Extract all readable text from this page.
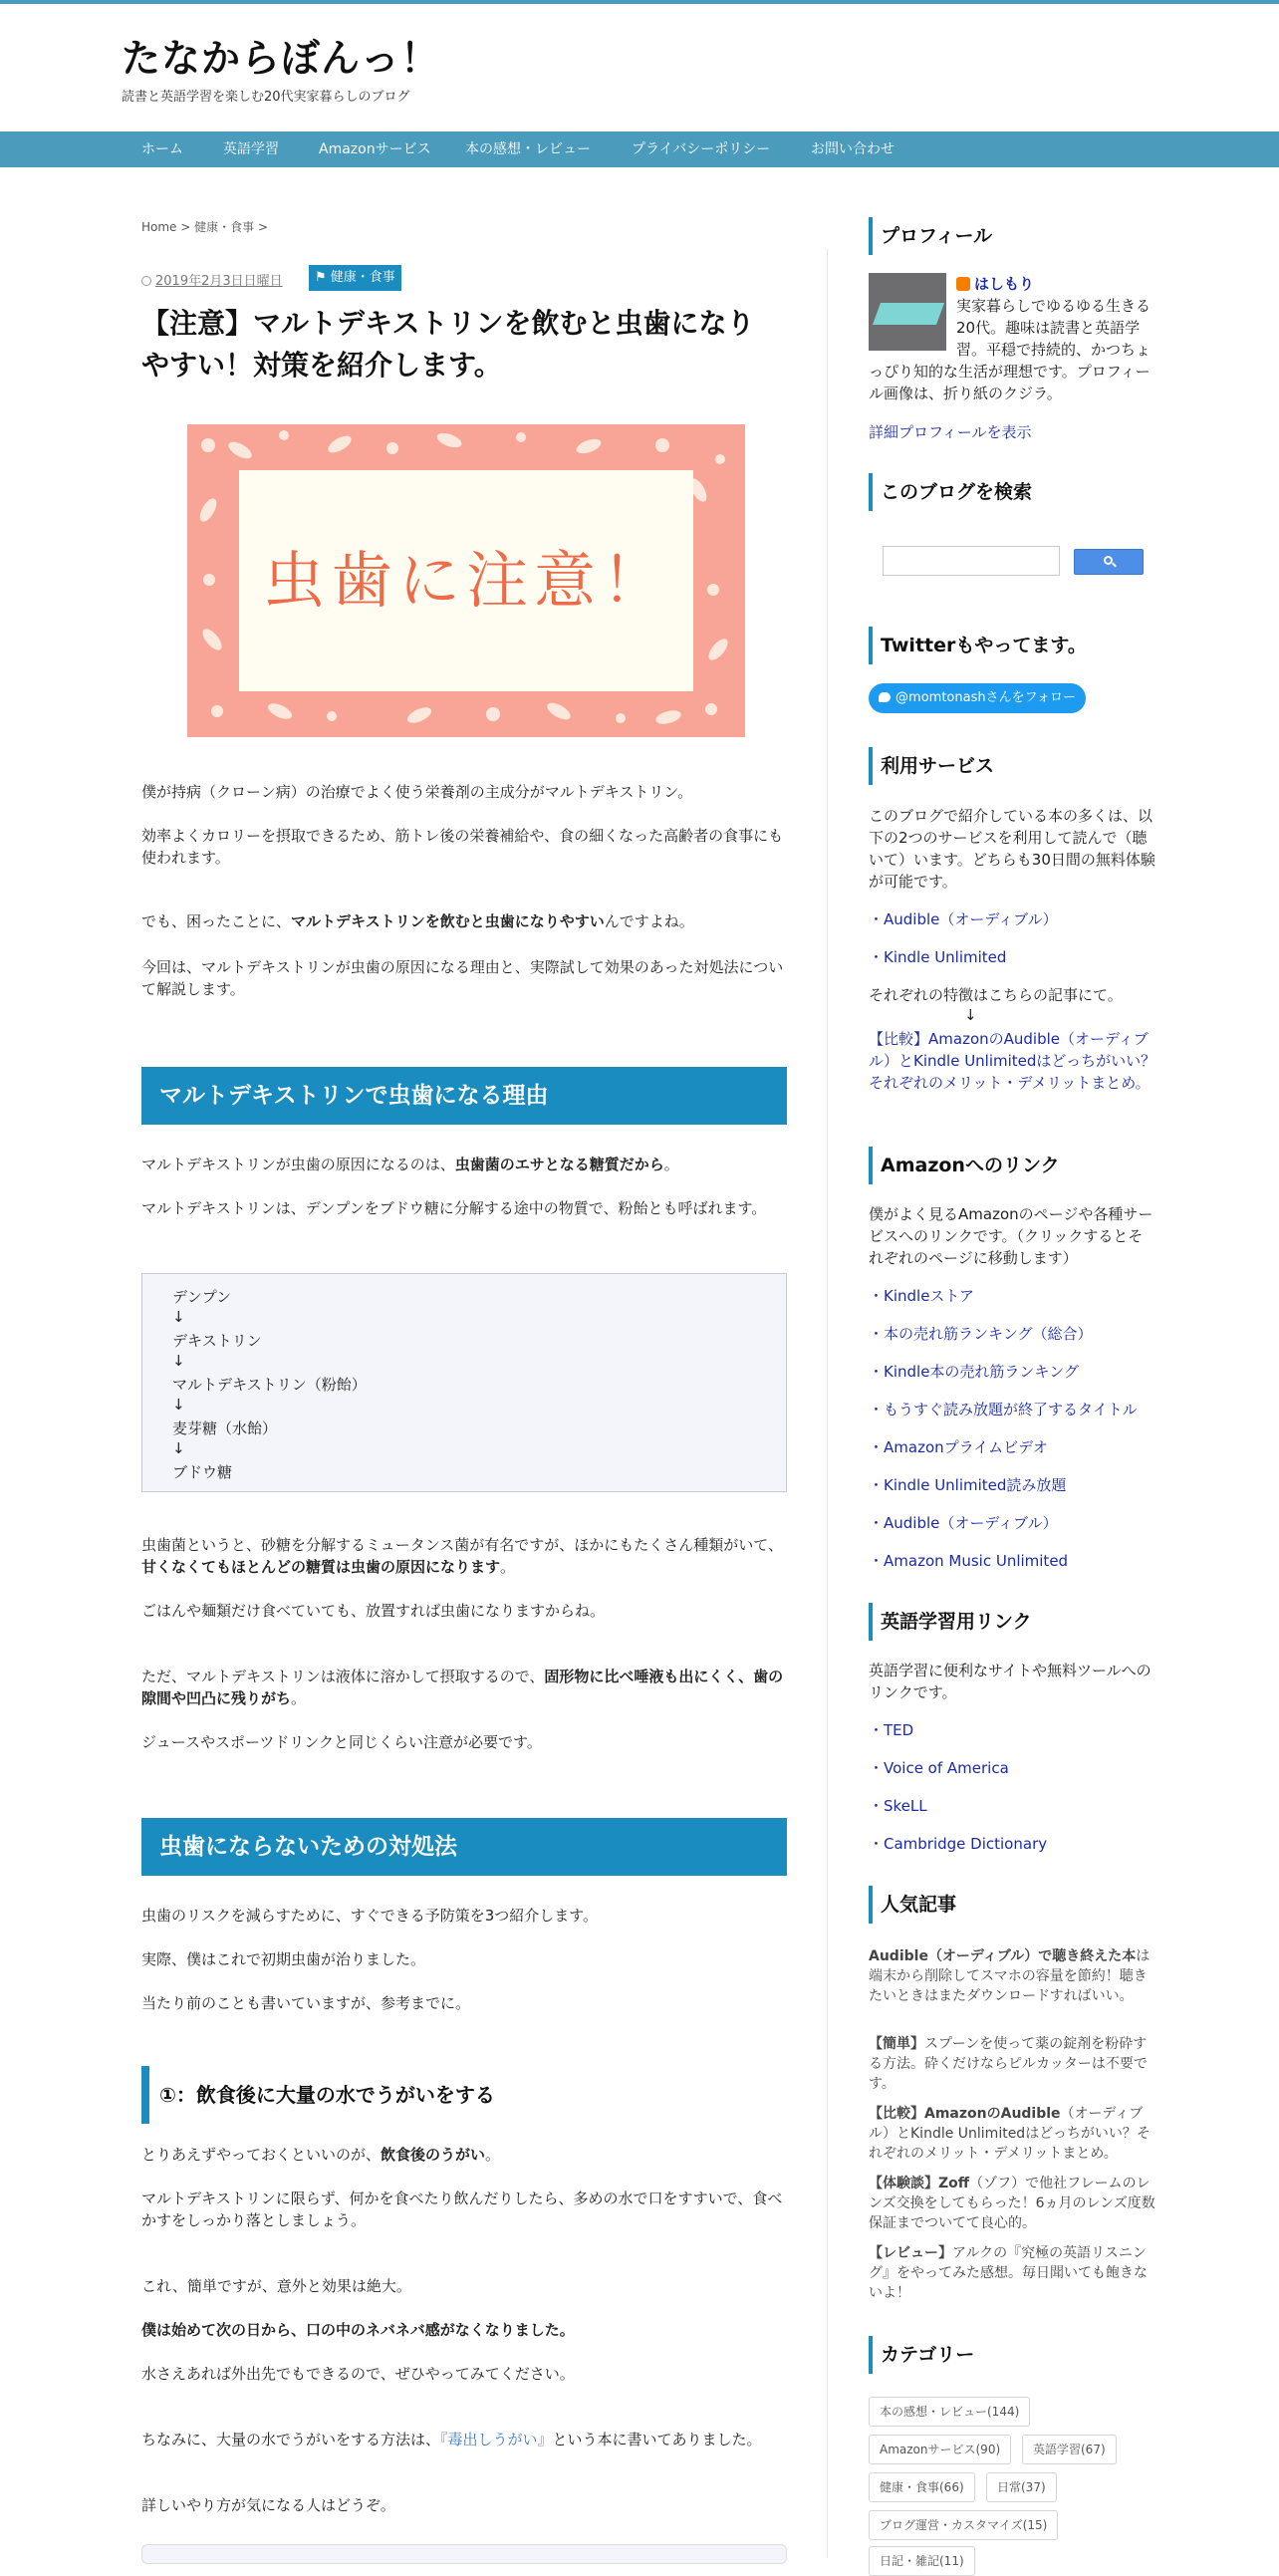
たなからぼんっ！
読書と英語学習を楽しむ20代実家暮らしのブログ
ホーム	英語学習	Amazonサービス 本の感想・レビュー	プライバシーポリシー	お問い合わせ
Home > 健康・食事 >
2019年2月3日日曜日	⚑ 健康・食事
【注意】マルトデキストリンを飲むと虫歯になりやすい！対策を紹介します。
虫歯に注意！
僕が持病（クローン病）の治療でよく使う栄養剤の主成分がマルトデキストリン。
効率よくカロリーを摂取できるため、筋トレ後の栄養補給や、食の細くなった高齢者の食事にも使われます。
でも、困ったことに、マルトデキストリンを飲むと虫歯になりやすいんですよね。
今回は、マルトデキストリンが虫歯の原因になる理由と、実際試して効果のあった対処法について解説します。
マルトデキストリンで虫歯になる理由
マルトデキストリンが虫歯の原因になるのは、虫歯菌のエサとなる糖質だから。
マルトデキストリンは、デンプンをブドウ糖に分解する途中の物質で、粉飴とも呼ばれます。
デンプン
↓
デキストリン
↓
マルトデキストリン（粉飴）
↓
麦芽糖（水飴）
↓
ブドウ糖
虫歯菌というと、砂糖を分解するミュータンス菌が有名ですが、ほかにもたくさん種類がいて、甘くなくてもほとんどの糖質は虫歯の原因になります。
ごはんや麺類だけ食べていても、放置すれば虫歯になりますからね。
ただ、マルトデキストリンは液体に溶かして摂取するので、固形物に比べ唾液も出にくく、歯の隙間や凹凸に残りがち。
ジュースやスポーツドリンクと同じくらい注意が必要です。
虫歯にならないための対処法
虫歯のリスクを減らすために、すぐできる予防策を3つ紹介します。
実際、僕はこれで初期虫歯が治りました。
当たり前のことも書いていますが、参考までに。
①：飲食後に大量の水でうがいをする
とりあえずやっておくといいのが、飲食後のうがい。
マルトデキストリンに限らず、何かを食べたり飲んだりしたら、多めの水で口をすすいで、食べかすをしっかり落としましょう。
これ、簡単ですが、意外と効果は絶大。
僕は始めて次の日から、口の中のネバネバ感がなくなりました。
水さえあれば外出先でもできるので、ぜひやってみてください。
ちなみに、大量の水でうがいをする方法は、『毒出しうがい』という本に書いてありました。
詳しいやり方が気になる人はどうぞ。
プロフィール
はしもり
実家暮らしでゆるゆる生きる20代。趣味は読書と英語学習。平穏で持続的、かつちょっぴり知的な生活が理想です。プロフィール画像は、折り紙のクジラ。
詳細プロフィールを表示
このブログを検索
Twitterもやってます。
@momtonashさんをフォロー
利用サービス
このブログで紹介している本の多くは、以下の2つのサービスを利用して読んで（聴いて）います。どちらも30日間の無料体験が可能です。
・Audible（オーディブル）
・Kindle Unlimited
それぞれの特徴はこちらの記事にて。
↓
【比較】AmazonのAudible（オーディブル）とKindle Unlimitedはどっちがいい？それぞれのメリット・デメリットまとめ。
Amazonへのリンク
僕がよく見るAmazonのページや各種サービスへのリンクです。（クリックするとそれぞれのページに移動します）
・Kindleストア
・本の売れ筋ランキング（総合）
・Kindle本の売れ筋ランキング
・もうすぐ読み放題が終了するタイトル
・Amazonプライムビデオ
・Kindle Unlimited読み放題
・Audible（オーディブル）
・Amazon Music Unlimited
英語学習用リンク
英語学習に便利なサイトや無料ツールへのリンクです。
・TED
・Voice of America
・SkeLL
・Cambridge Dictionary
人気記事
Audible（オーディブル）で聴き終えた本は端末から削除してスマホの容量を節約！聴きたいときはまたダウンロードすればいい。
【簡単】スプーンを使って薬の錠剤を粉砕する方法。砕くだけならピルカッターは不要です。
【比較】AmazonのAudible（オーディブル）とKindle Unlimitedはどっちがいい？それぞれのメリット・デメリットまとめ。
【体験談】Zoff（ゾフ）で他社フレームのレンズ交換をしてもらった！6ヵ月のレンズ度数保証までついてて良心的。
【レビュー】アルクの『究極の英語リスニング』をやってみた感想。毎日聞いても飽きないよ！
カテゴリー
本の感想・レビュー(144)
Amazonサービス(90)	英語学習(67)
健康・食事(66)	日常(37)
ブログ運営・カスタマイズ(15)
日記・雑記(11)
